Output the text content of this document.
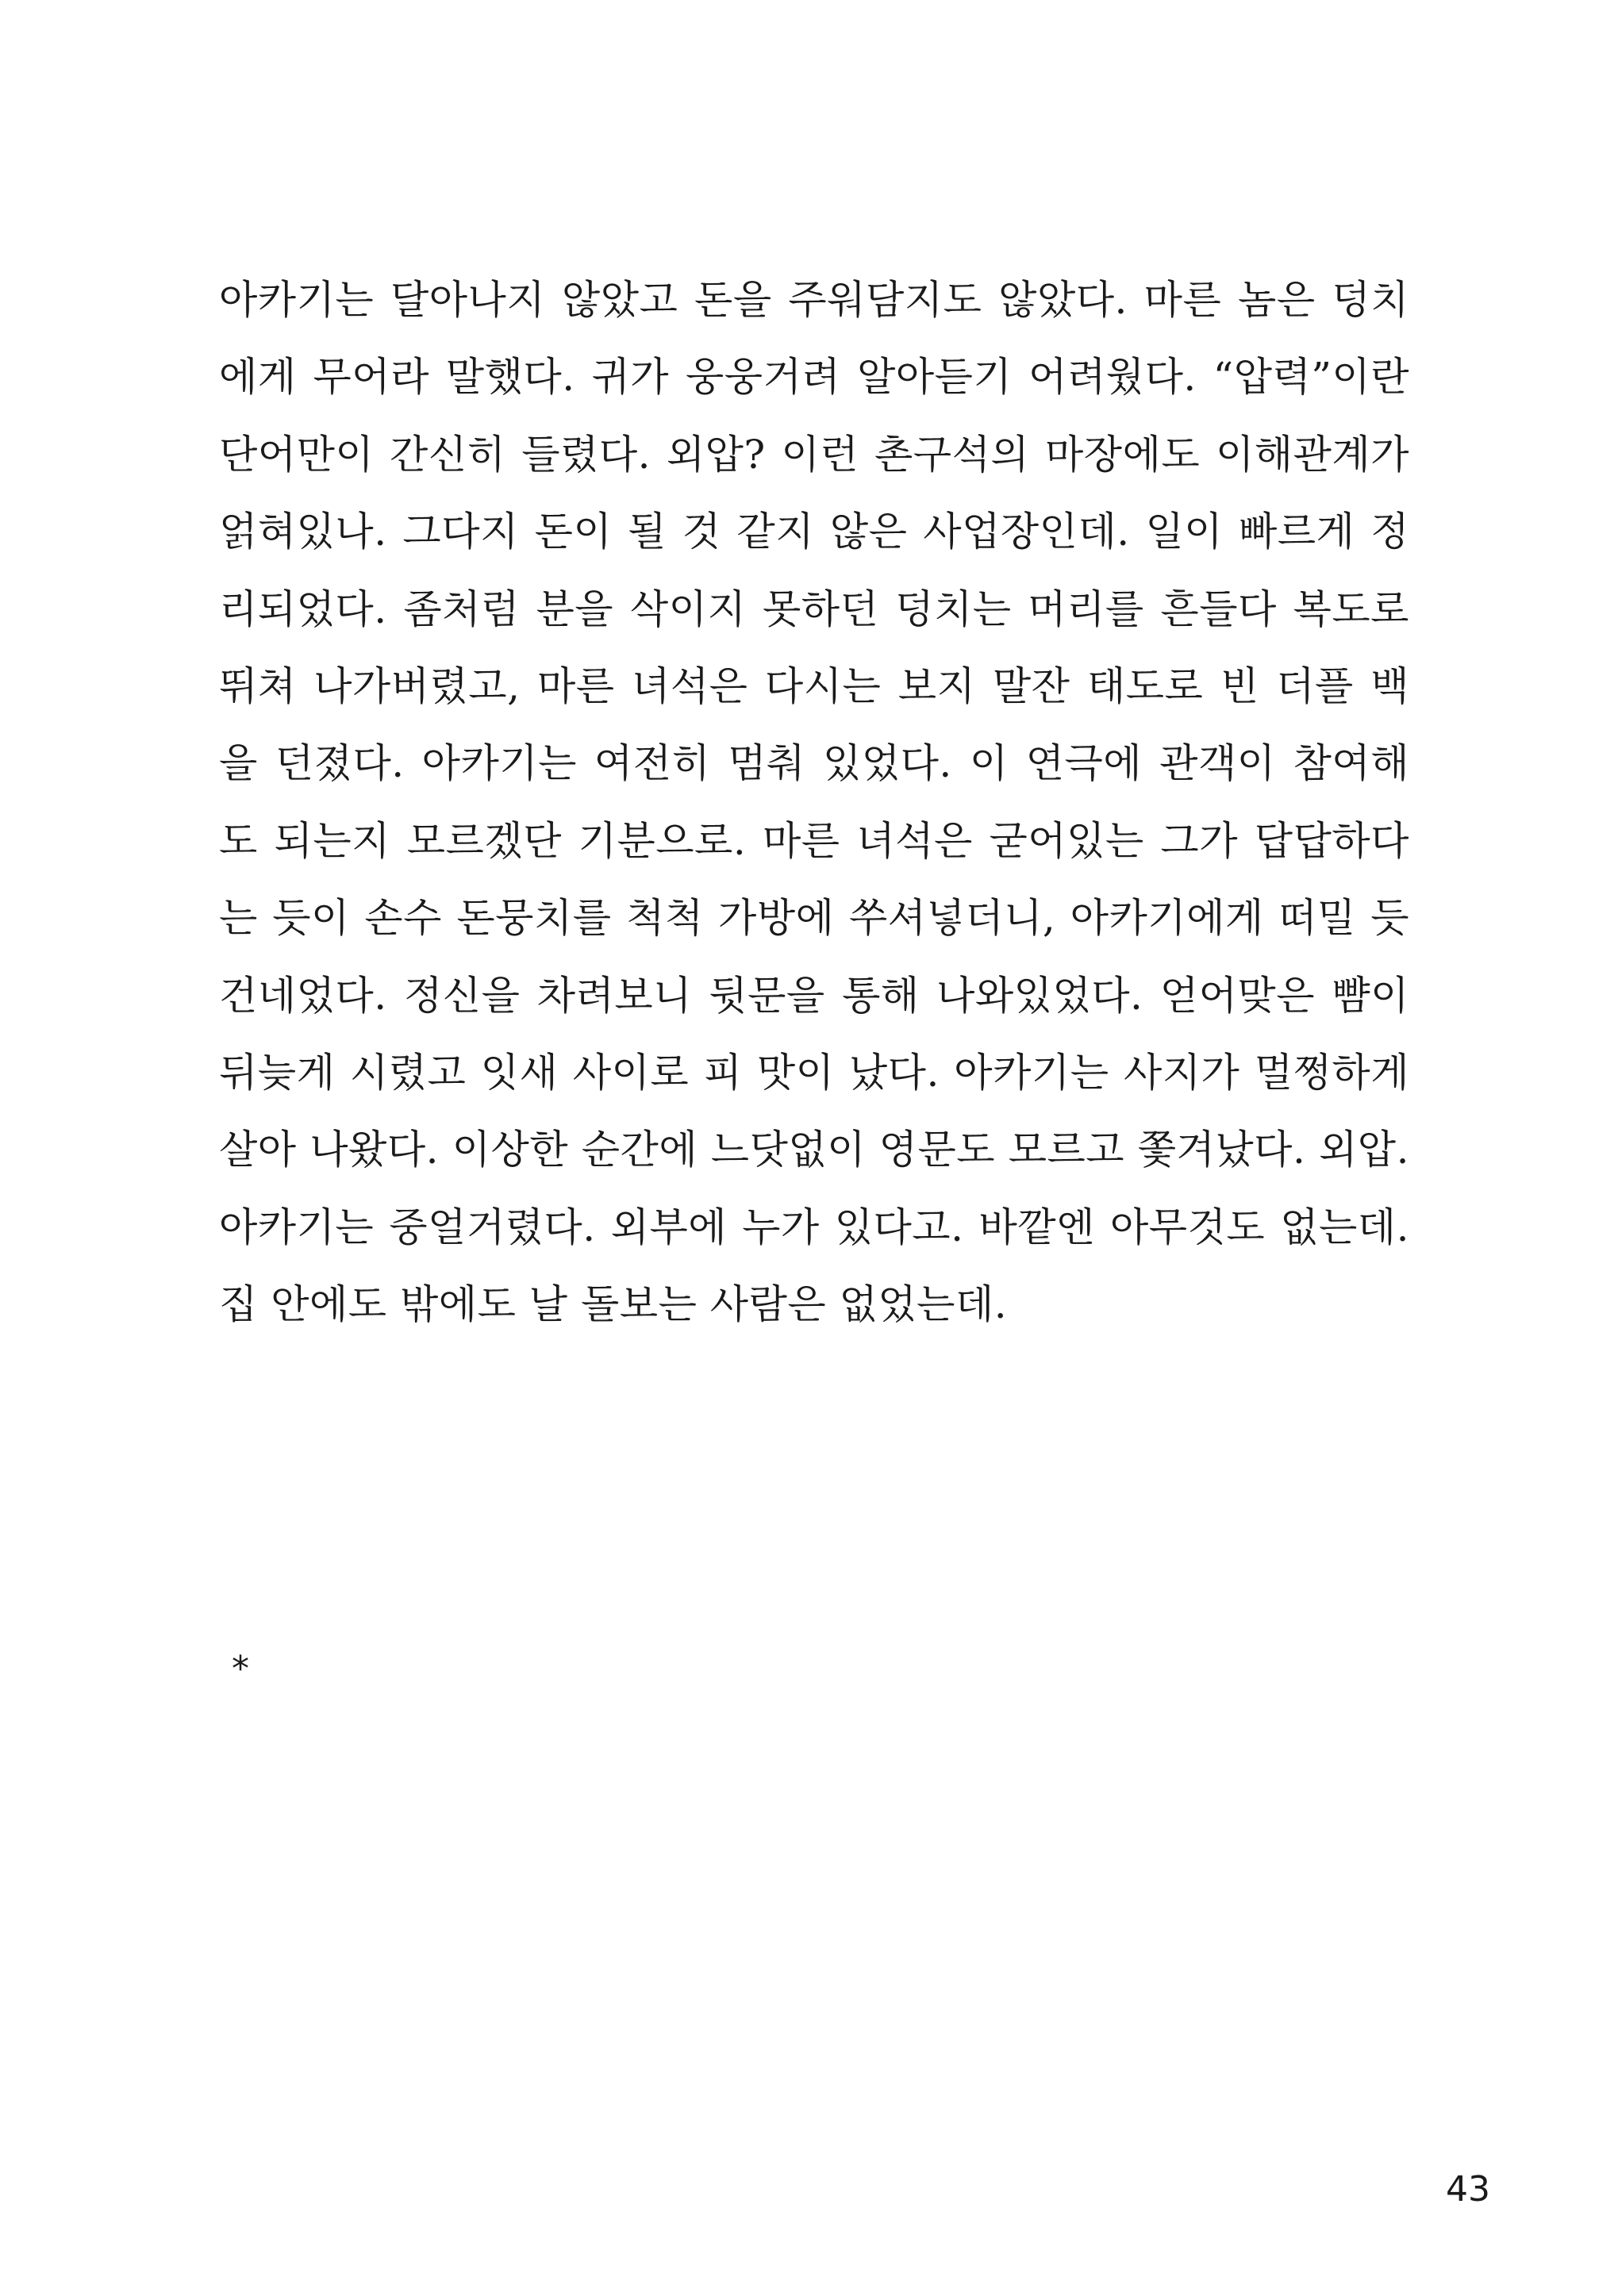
아카기는 달아나지 않았고 돈을 주워담지도 않았다. 마른 놈은 덩치
에게 무어라 말했다. 귀가 웅웅거려 알아듣기 어려웠다. “압력”이란
단어만이 간신히 들렸다. 외압? 이런 촌구석의 마장에도 이해관계가
얽혀있나. 그다지 돈이 될 것 같지 않은 사업장인데. 일이 빠르게 정
리되었다. 좀처럼 분을 삭이지 못하던 덩치는 머리를 흔들다 복도로
뛰쳐 나가버렸고, 마른 녀석은 다시는 보지 말잔 태도로 빈 더플 백
을 던졌다. 아카기는 여전히 멈춰 있었다. 이 연극에 관객이 참여해
도 되는지 모르겠단 기분으로. 마른 녀석은 굳어있는 그가 답답하다
는 듯이 손수 돈뭉치를 척척 가방에 쑤셔넣더니, 아카기에게 떠밀 듯
건네었다. 정신을 차려보니 뒷문을 통해 나와있었다. 얻어맞은 뺨이
뒤늦게 시렸고 잇새 사이로 피 맛이 났다. 아카기는 사지가 멀쩡하게
살아 나왔다. 이상한 순간에 느닷없이 영문도 모르고 쫓겨났다. 외압.
아카기는 중얼거렸다. 외부에 누가 있다고. 바깥엔 아무것도 없는데.
집 안에도 밖에도 날 돌보는 사람은 없었는데.
*
43
